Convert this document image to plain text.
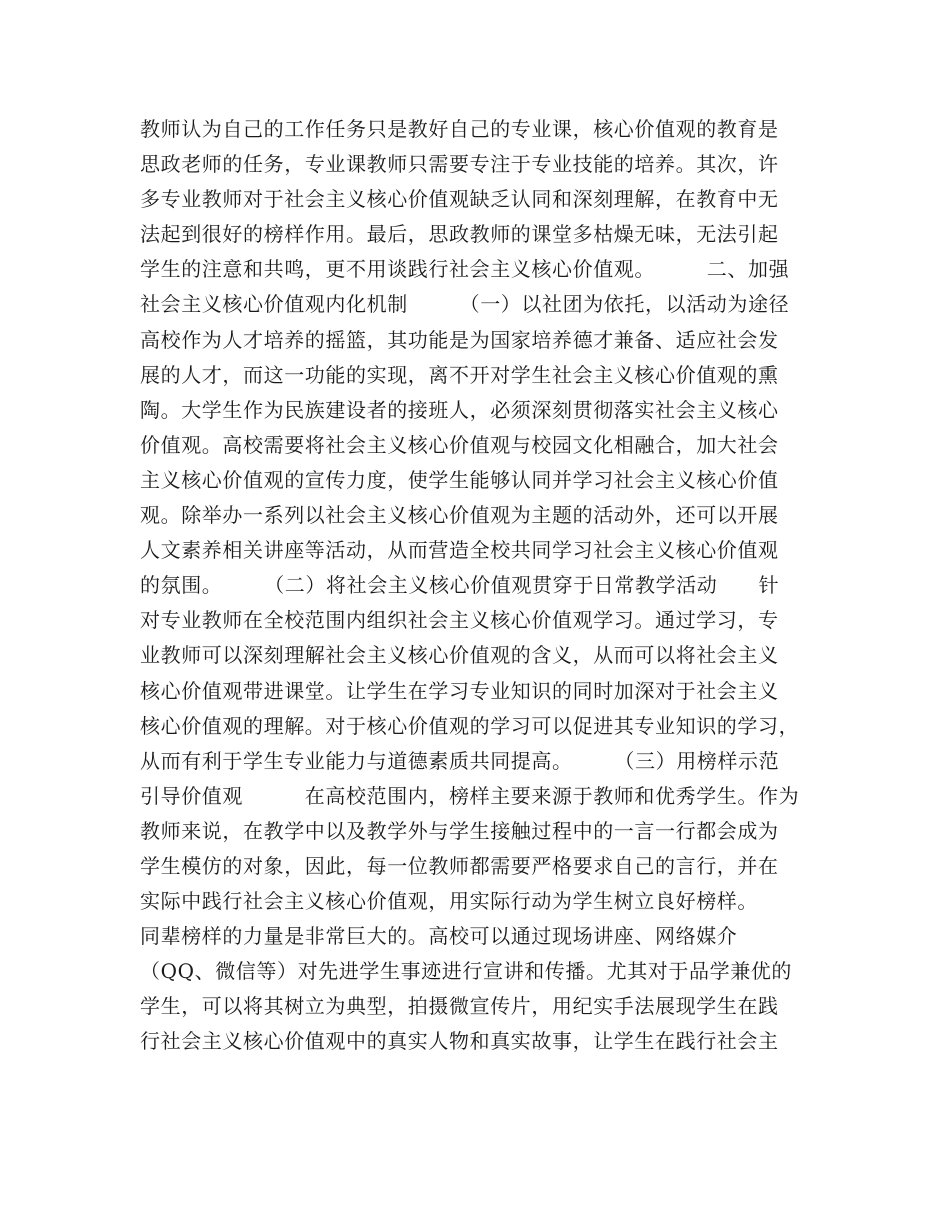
教师认为自己的工作任务只是教好自己的专业课，核心价值观的教育是
思政老师的任务，专业课教师只需要专注于专业技能的培养。其次，许
多专业教师对于社会主义核心价值观缺乏认同和深刻理解，在教育中无
法起到很好的榜样作用。最后，思政教师的课堂多枯燥无味，无法引起
学生的注意和共鸣，更不用谈践行社会主义核心价值观。　　　二、加强
社会主义核心价值观内化机制　　　（一）以社团为依托，以活动为途径
高校作为人才培养的摇篮，其功能是为国家培养德才兼备、适应社会发
展的人才，而这一功能的实现，离不开对学生社会主义核心价值观的熏
陶。大学生作为民族建设者的接班人，必须深刻贯彻落实社会主义核心
价值观。高校需要将社会主义核心价值观与校园文化相融合，加大社会
主义核心价值观的宣传力度，使学生能够认同并学习社会主义核心价值
观。除举办一系列以社会主义核心价值观为主题的活动外，还可以开展
人文素养相关讲座等活动，从而营造全校共同学习社会主义核心价值观
的氛围。　　　（二）将社会主义核心价值观贯穿于日常教学活动　　针
对专业教师在全校范围内组织社会主义核心价值观学习。通过学习，专
业教师可以深刻理解社会主义核心价值观的含义，从而可以将社会主义
核心价值观带进课堂。让学生在学习专业知识的同时加深对于社会主义
核心价值观的理解。对于核心价值观的学习可以促进其专业知识的学习，
从而有利于学生专业能力与道德素质共同提高。　　　（三）用榜样示范
引导价值观　　　在高校范围内，榜样主要来源于教师和优秀学生。作为
教师来说，在教学中以及教学外与学生接触过程中的一言一行都会成为
学生模仿的对象，因此，每一位教师都需要严格要求自己的言行，并在
实际中践行社会主义核心价值观，用实际行动为学生树立良好榜样。
同辈榜样的力量是非常巨大的。高校可以通过现场讲座、网络媒介
（QQ、微信等）对先进学生事迹进行宣讲和传播。尤其对于品学兼优的
学生，可以将其树立为典型，拍摄微宣传片，用纪实手法展现学生在践
行社会主义核心价值观中的真实人物和真实故事，让学生在践行社会主
